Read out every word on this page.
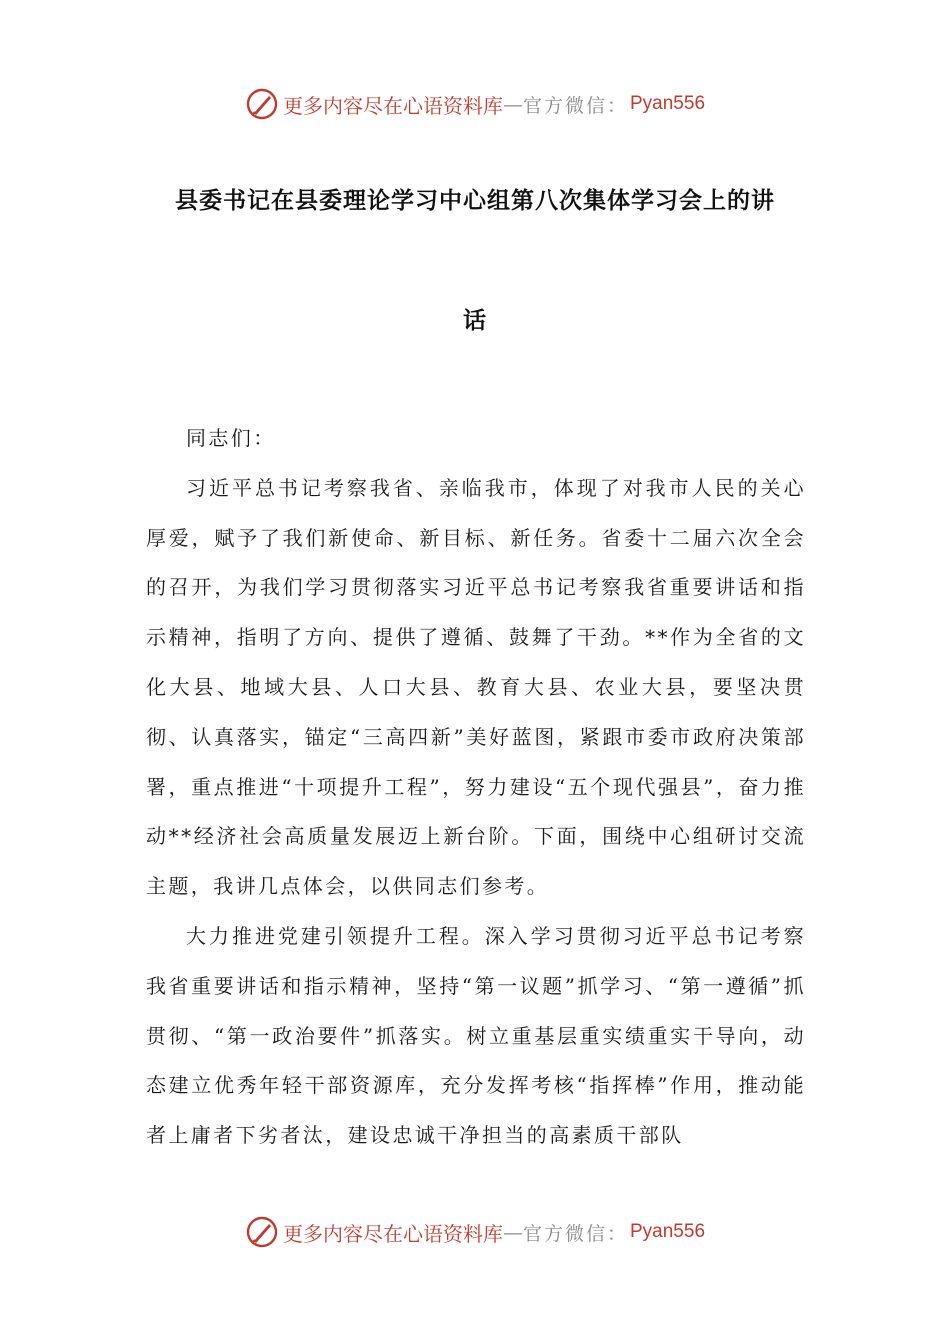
更多内容尽在心语资料库 — 官方微信： Pyan556
县委书记在县委理论学习中心组第八次集体学习会上的讲
话

同志们：

习近平总书记考察我省、亲临我市，体现了对我市人民的关心厚爱，赋予了我们新使命、新目标、新任务。省委十二届六次全会的召开，为我们学习贯彻落实习近平总书记考察我省重要讲话和指示精神，指明了方向、提供了遵循、鼓舞了干劲。**作为全省的文化大县、地域大县、人口大县、教育大县、农业大县，要坚决贯彻、认真落实，锚定“三高四新”美好蓝图，紧跟市委市政府决策部署，重点推进“十项提升工程”，努力建设“五个现代强县”，奋力推动**经济社会高质量发展迈上新台阶。下面，围绕中心组研讨交流主题，我讲几点体会，以供同志们参考。

大力推进党建引领提升工程。深入学习贯彻习近平总书记考察我省重要讲话和指示精神，坚持“第一议题”抓学习、“第一遵循”抓贯彻、“第一政治要件”抓落实。树立重基层重实绩重实干导向，动态建立优秀年轻干部资源库，充分发挥考核“指挥棒”作用，推动能者上庸者下劣者汰，建设忠诚干净担当的高素质干部队

更多内容尽在心语资料库 — 官方微信： Pyan556
